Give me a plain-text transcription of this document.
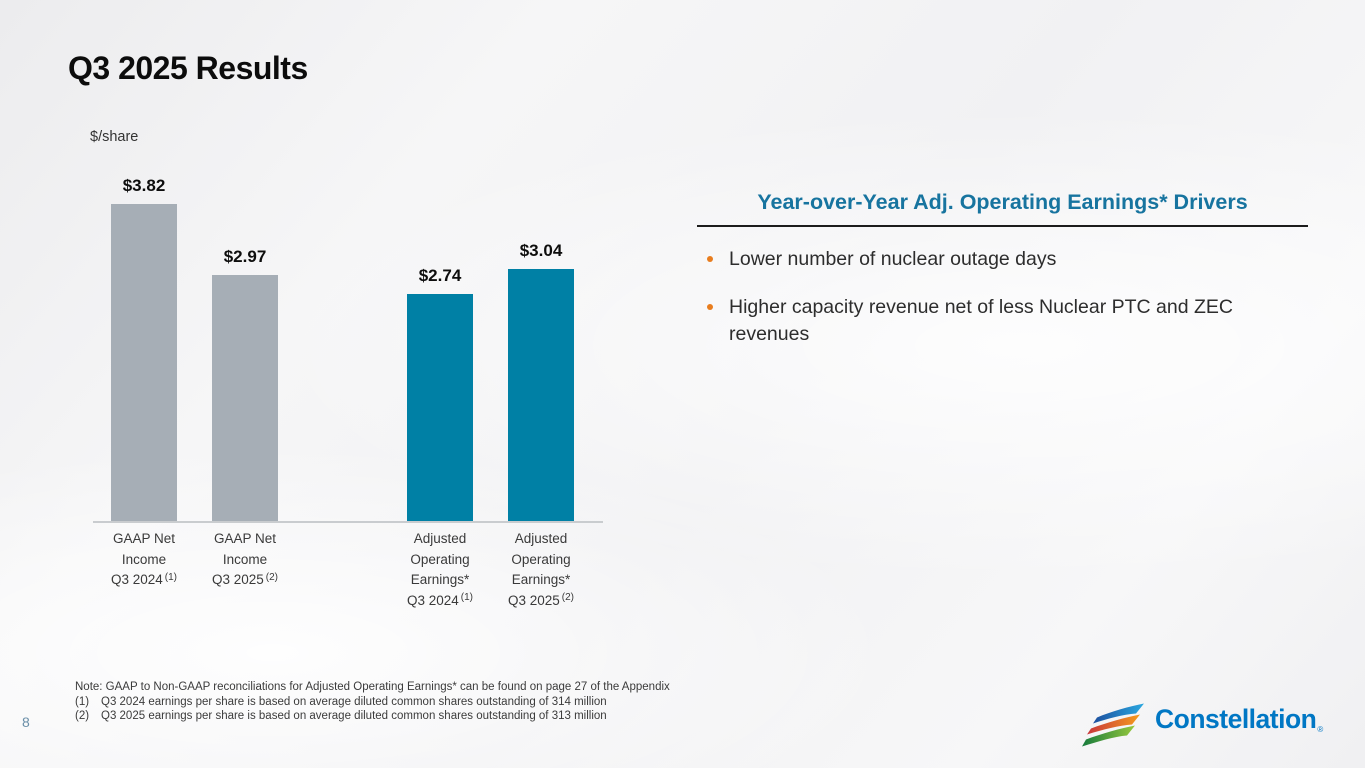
Q3 2025 Results
$/share
$3.82
$2.97
$2.74
$3.04
GAAP Net
Income
Q3 2024 $^{(1)}$
GAAP Net
Income
Q3 2025 $^{(2)}$
Adjusted
Operating
Earnings*
Q3 2024 $^{(1)}$
Adjusted
Operating
Earnings*
Q3 2025 $^{(2)}$
Year-over-Year Adj. Operating Earnings* Drivers
Lower number of nuclear outage days
Higher capacity revenue net of less Nuclear PTC and ZEC revenues
Note: GAAP to Non-GAAP reconciliations for Adjusted Operating Earnings* can be found on page 27 of the Appendix
(1)	Q3 2024 earnings per share is based on average diluted common shares outstanding of 314 million
(2)	Q3 2025 earnings per share is based on average diluted common shares outstanding of 313 million
8	Constellation®
